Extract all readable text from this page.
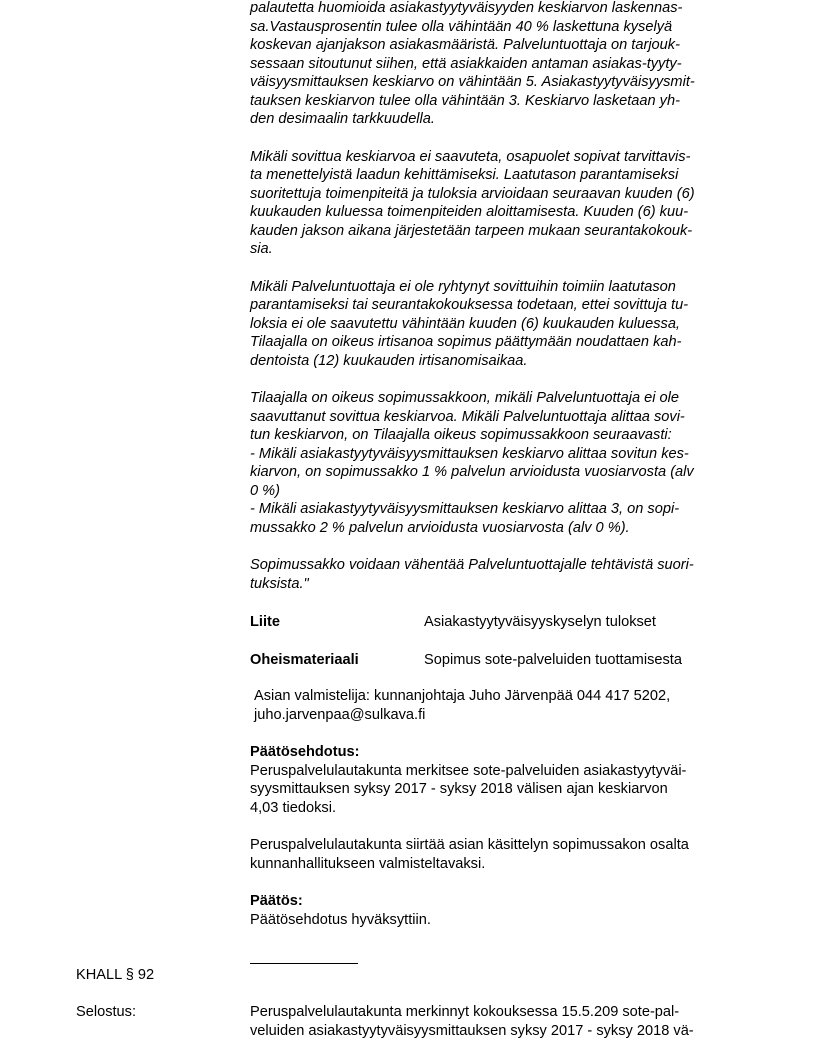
palautetta huomioida asiakastyytyväisyyden keskiarvon laskennas-
sa.Vastausprosentin tulee olla vähintään 40 % laskettuna kyselyä
koskevan ajanjakson asiakasmääristä. Palveluntuottaja on tarjouk-
sessaan sitoutunut siihen, että asiakkaiden antaman asiakas-tyyty-
väisyysmittauksen keskiarvo on vähintään 5. Asiakastyytyväisyysmit-
tauksen keskiarvon tulee olla vähintään 3. Keskiarvo lasketaan yh-
den desimaalin tarkkuudella.
Mikäli sovittua keskiarvoa ei saavuteta, osapuolet sopivat tarvittavis-
ta menettelyistä laadun kehittämiseksi. Laatutason parantamiseksi
suoritettuja toimenpiteitä ja tuloksia arvioidaan seuraavan kuuden (6)
kuukauden kuluessa toimenpiteiden aloittamisesta. Kuuden (6) kuu-
kauden jakson aikana järjestetään tarpeen mukaan seurantakokouk-
sia.
Mikäli Palveluntuottaja ei ole ryhtynyt sovittuihin toimiin laatutason
parantamiseksi tai seurantakokouksessa todetaan, ettei sovittuja tu-
loksia ei ole saavutettu vähintään kuuden (6) kuukauden kuluessa,
Tilaajalla on oikeus irtisanoa sopimus päättymään noudattaen kah-
dentoista (12) kuukauden irtisanomisaikaa.
Tilaajalla on oikeus sopimussakkoon, mikäli Palveluntuottaja ei ole
saavuttanut sovittua keskiarvoa. Mikäli Palveluntuottaja alittaa sovi-
tun keskiarvon, on Tilaajalla oikeus sopimussakkoon seuraavasti:
- Mikäli asiakastyytyväisyysmittauksen keskiarvo alittaa sovitun kes-
kiarvon, on sopimussakko 1 % palvelun arvioidusta vuosiarvosta (alv
0 %)
- Mikäli asiakastyytyväisyysmittauksen keskiarvo alittaa 3, on sopi-
mussakko 2 % palvelun arvioidusta vuosiarvosta (alv 0 %).
Sopimussakko voidaan vähentää Palveluntuottajalle tehtävistä suori-
tuksista."
Liite	Asiakastyytyväisyyskyselyn tulokset
Oheismateriaali	Sopimus sote-palveluiden tuottamisesta
Asian valmistelija: kunnanjohtaja Juho Järvenpää 044 417 5202,
juho.jarvenpaa@sulkava.fi
Päätösehdotus:
Peruspalvelulautakunta merkitsee sote-palveluiden asiakastyytyväi-
syysmittauksen syksy 2017 - syksy 2018 välisen ajan keskiarvon
4,03 tiedoksi.
Peruspalvelulautakunta siirtää asian käsittelyn sopimussakon osalta
kunnanhallitukseen valmisteltavaksi.
Päätös:
Päätösehdotus hyväksyttiin.
KHALL § 92
Selostus:	Peruspalvelulautakunta merkinnyt kokouksessa 15.5.209 sote-pal-
veluiden asiakastyytyväisyysmittauksen syksy 2017 - syksy 2018 vä-
